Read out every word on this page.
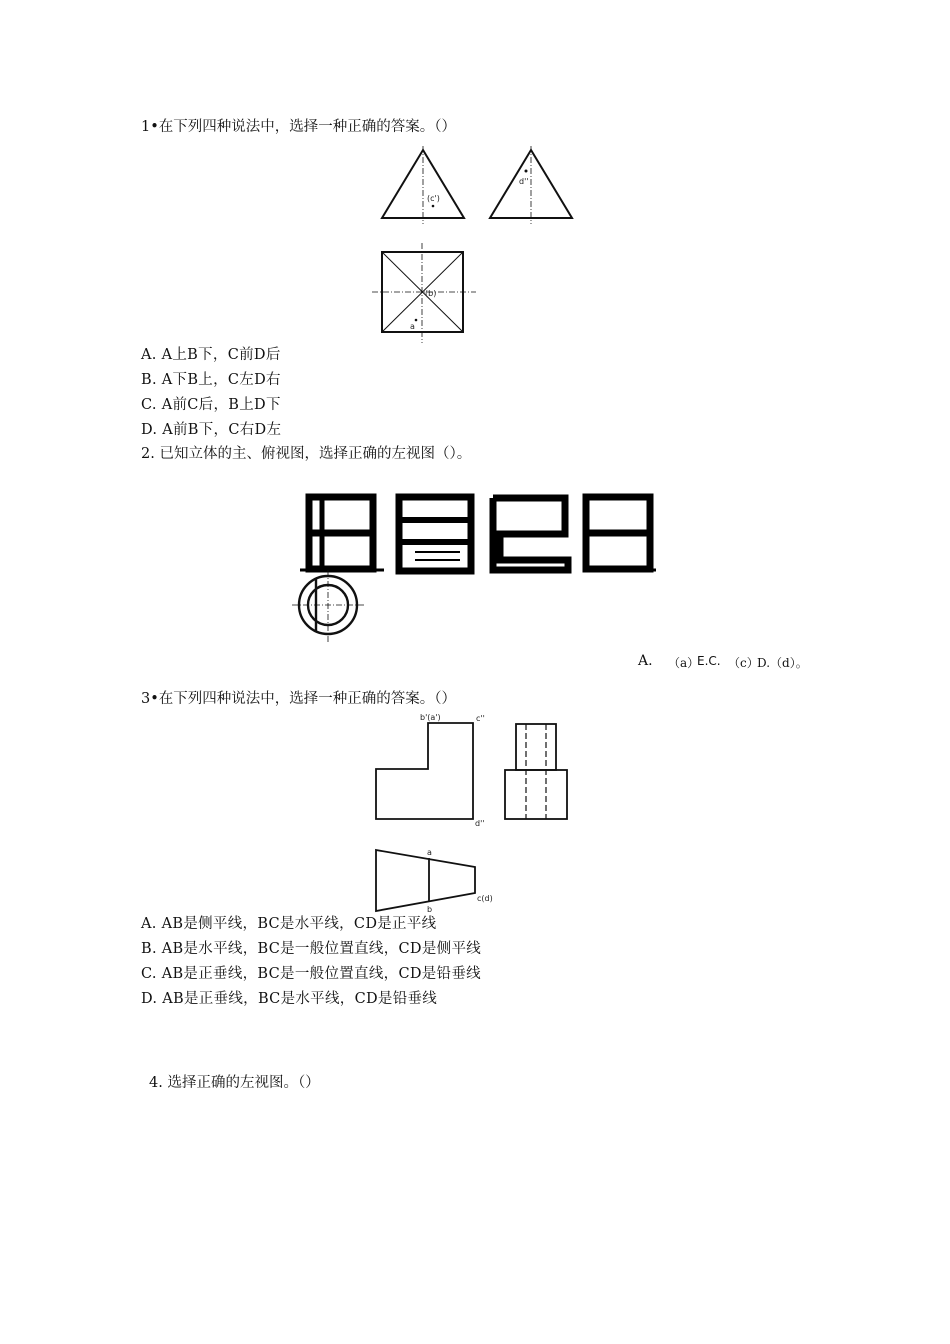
1•在下列四种说法中，选择一种正确的答案。（）
(c')
d''
(b)
a
A. A上B下，C前D后
B. A下B上，C左D右
C. A前C后，B上D下
D. A前B下，C右D左
2. 已知立体的主、俯视图，选择正确的左视图（）。
A. （a）
E.C. （c）
D.（d）。
3•在下列四种说法中，选择一种正确的答案。（）
b'(a')	c''
d''
a
b
c(d)
A. AB是侧平线，BC是水平线，CD是正平线
B. AB是水平线，BC是一般位置直线，CD是侧平线
C. AB是正垂线，BC是一般位置直线，CD是铅垂线
D. AB是正垂线，BC是水平线，CD是铅垂线
4. 选择正确的左视图。（）
